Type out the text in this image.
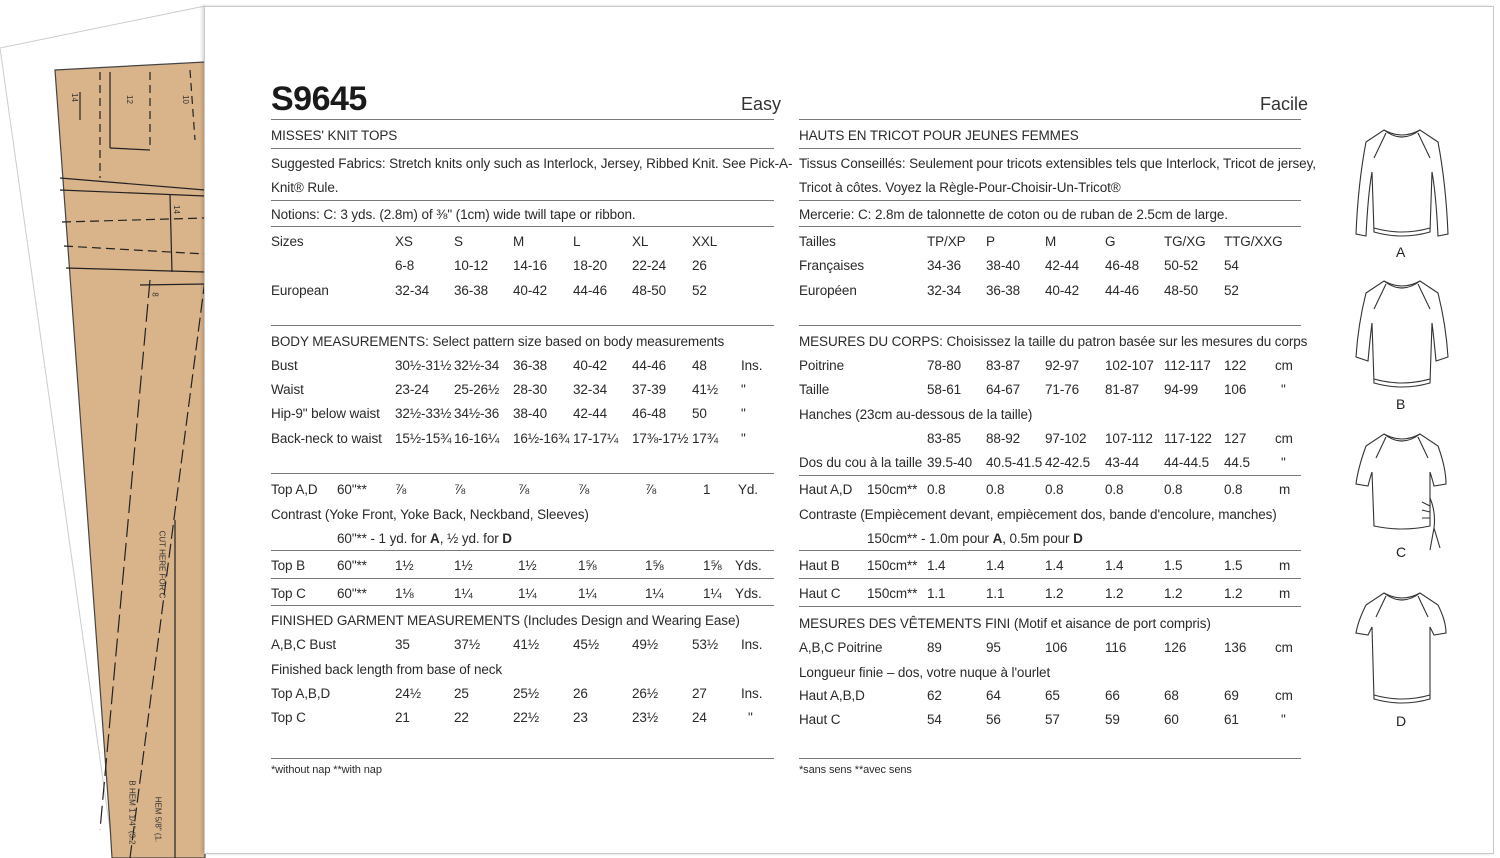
14	12	10
14
8
CUT HERE FOR C
B HEM 1 1/4" (3.2 HEM 5/8" (1.
S9645	Easy	Facile
MISSES' KNIT TOPS
Suggested Fabrics: Stretch knits only such as Interlock, Jersey, Ribbed Knit. See Pick-A-
Knit® Rule.
Notions: C: 3 yds. (2.8m) of ⅜" (1cm) wide twill tape or ribbon.
BODY MEASUREMENTS: Select pattern size based on body measurements
Contrast (Yoke Front, Yoke Back, Neckband, Sleeves)
60"** - 1 yd. for A, ½ yd. for D
FINISHED GARMENT MEASUREMENTS (Includes Design and Wearing Ease)
Finished back length from base of neck
*without nap **with nap
HAUTS EN TRICOT POUR JEUNES FEMMES
Tissus Conseillés: Seulement pour tricots extensibles tels que Interlock, Tricot de jersey,
Tricot à côtes. Voyez la Règle-Pour-Choisir-Un-Tricot®
Mercerie: C: 2.8m de talonnette de coton ou de ruban de 2.5cm de large.
MESURES DU CORPS: Choisissez la taille du patron basée sur les mesures du corps
Hanches (23cm au-dessous de la taille)
Contraste (Empiècement devant, empiècement dos, bande d'encolure, manches)
150cm** - 1.0m pour A, 0.5m pour D
MESURES DES VÊTEMENTS FINI (Motif et aisance de port compris)
Longueur finie – dos, votre nuque à l'ourlet
*sans sens **avec sens
A
B
C
D
Sizes	XS	S	M	L	XL	XXL
6-8	10-12 14-16 18-20 22-24 26
European	32-34 36-38 40-42 44-46 48-50 52
Bust	30½-31½ 32½-34 36-38 40-42 44-46 48	Ins.
Waist	23-24 25-26½ 28-30 32-34 37-39 41½ "
Hip-9" below waist 32½-33½ 34½-36 38-40 42-44 46-48 50	"
Back-neck to waist 15½-15¾ 16-16¼ 16½-16¾ 17-17¼ 17⅜-17½ 17¾ "
Top A,D 60"** ⅞	⅞	⅞	⅞	⅞	1 Yd.
Top B 60"** 1½	1½	1½	1⅝	1⅝	1⅝ Yds.
Top C 60"** 1⅛	1¼	1¼	1¼	1¼	1¼ Yds.
A,B,C Bust	35	37½ 41½	45½ 49½	53½ Ins.
Top A,B,D	24½ 25	25½	26	26½	27	Ins.
Top C	21	22	22½	23	23½	24	"
Tailles	TP/XP P	M	G	TG/XG TTG/XXG
Françaises	34-36 38-40 42-44 46-48 50-52 54
Européen	32-34 36-38 40-42 44-46 48-50 52
Poitrine	78-80 83-87 92-97 102-107 112-117 122 cm
Taille	58-61 64-67 71-76 81-87 94-99 106	"
83-85 88-92 97-102 107-112 117-122 127 cm
Dos du cou à la taille 39.5-40 40.5-41.5 42-42.5 43-44 44-44.5 44.5 "
Haut A,D 150cm** 0.8	0.8	0.8	0.8	0.8	0.8	m
Haut B 150cm** 1.4	1.4	1.4	1.4	1.5	1.5	m
Haut C 150cm** 1.1	1.1	1.2	1.2	1.2	1.2	m
A,B,C Poitrine	89	95	106	116	126	136 cm
Haut A,B,D	62	64	65	66	68	69	cm
Haut C	54	56	57	59	60	61	"
